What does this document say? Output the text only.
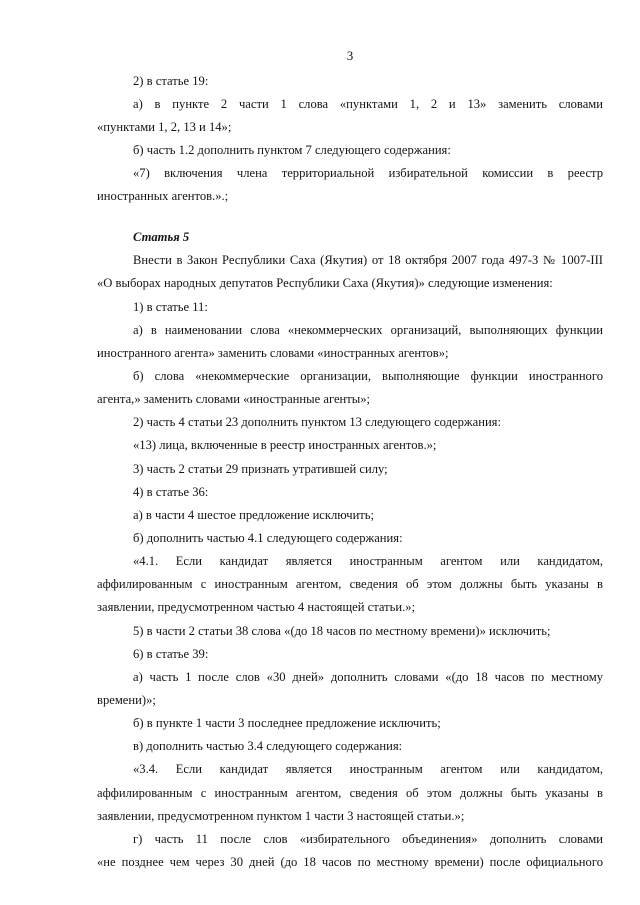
3
2) в статье 19:
а) в пункте 2 части 1 слова «пунктами 1, 2 и 13» заменить словами
«пунктами 1, 2, 13 и 14»;
б) часть 1.2 дополнить пунктом 7 следующего содержания:
«7) включения члена территориальной избирательной комиссии в реестр
иностранных агентов.».;
Статья 5
Внести в Закон Республики Саха (Якутия) от 18 октября 2007 года 497-З № 1007-III
«О выборах народных депутатов Республики Саха (Якутия)» следующие изменения:
1) в статье 11:
а) в наименовании слова «некоммерческих организаций, выполняющих функции
иностранного агента» заменить словами «иностранных агентов»;
б) слова «некоммерческие организации, выполняющие функции иностранного
агента,» заменить словами «иностранные агенты»;
2) часть 4 статьи 23 дополнить пунктом 13 следующего содержания:
«13) лица, включенные в реестр иностранных агентов.»;
3) часть 2 статьи 29 признать утратившей силу;
4) в статье 36:
а) в части 4 шестое предложение исключить;
б) дополнить частью 4.1 следующего содержания:
«4.1. Если кандидат является иностранным агентом или кандидатом,
аффилированным с иностранным агентом, сведения об этом должны быть указаны в
заявлении, предусмотренном частью 4 настоящей статьи.»;
5) в части 2 статьи 38 слова «(до 18 часов по местному времени)» исключить;
6) в статье 39:
а) часть 1 после слов «30 дней» дополнить словами «(до 18 часов по местному
времени)»;
б) в пункте 1 части 3 последнее предложение исключить;
в) дополнить частью 3.4 следующего содержания:
«3.4. Если кандидат является иностранным агентом или кандидатом,
аффилированным с иностранным агентом, сведения об этом должны быть указаны в
заявлении, предусмотренном пунктом 1 части 3 настоящей статьи.»;
г) часть 11 после слов «избирательного объединения» дополнить словами
«не позднее чем через 30 дней (до 18 часов по местному времени) после официального
